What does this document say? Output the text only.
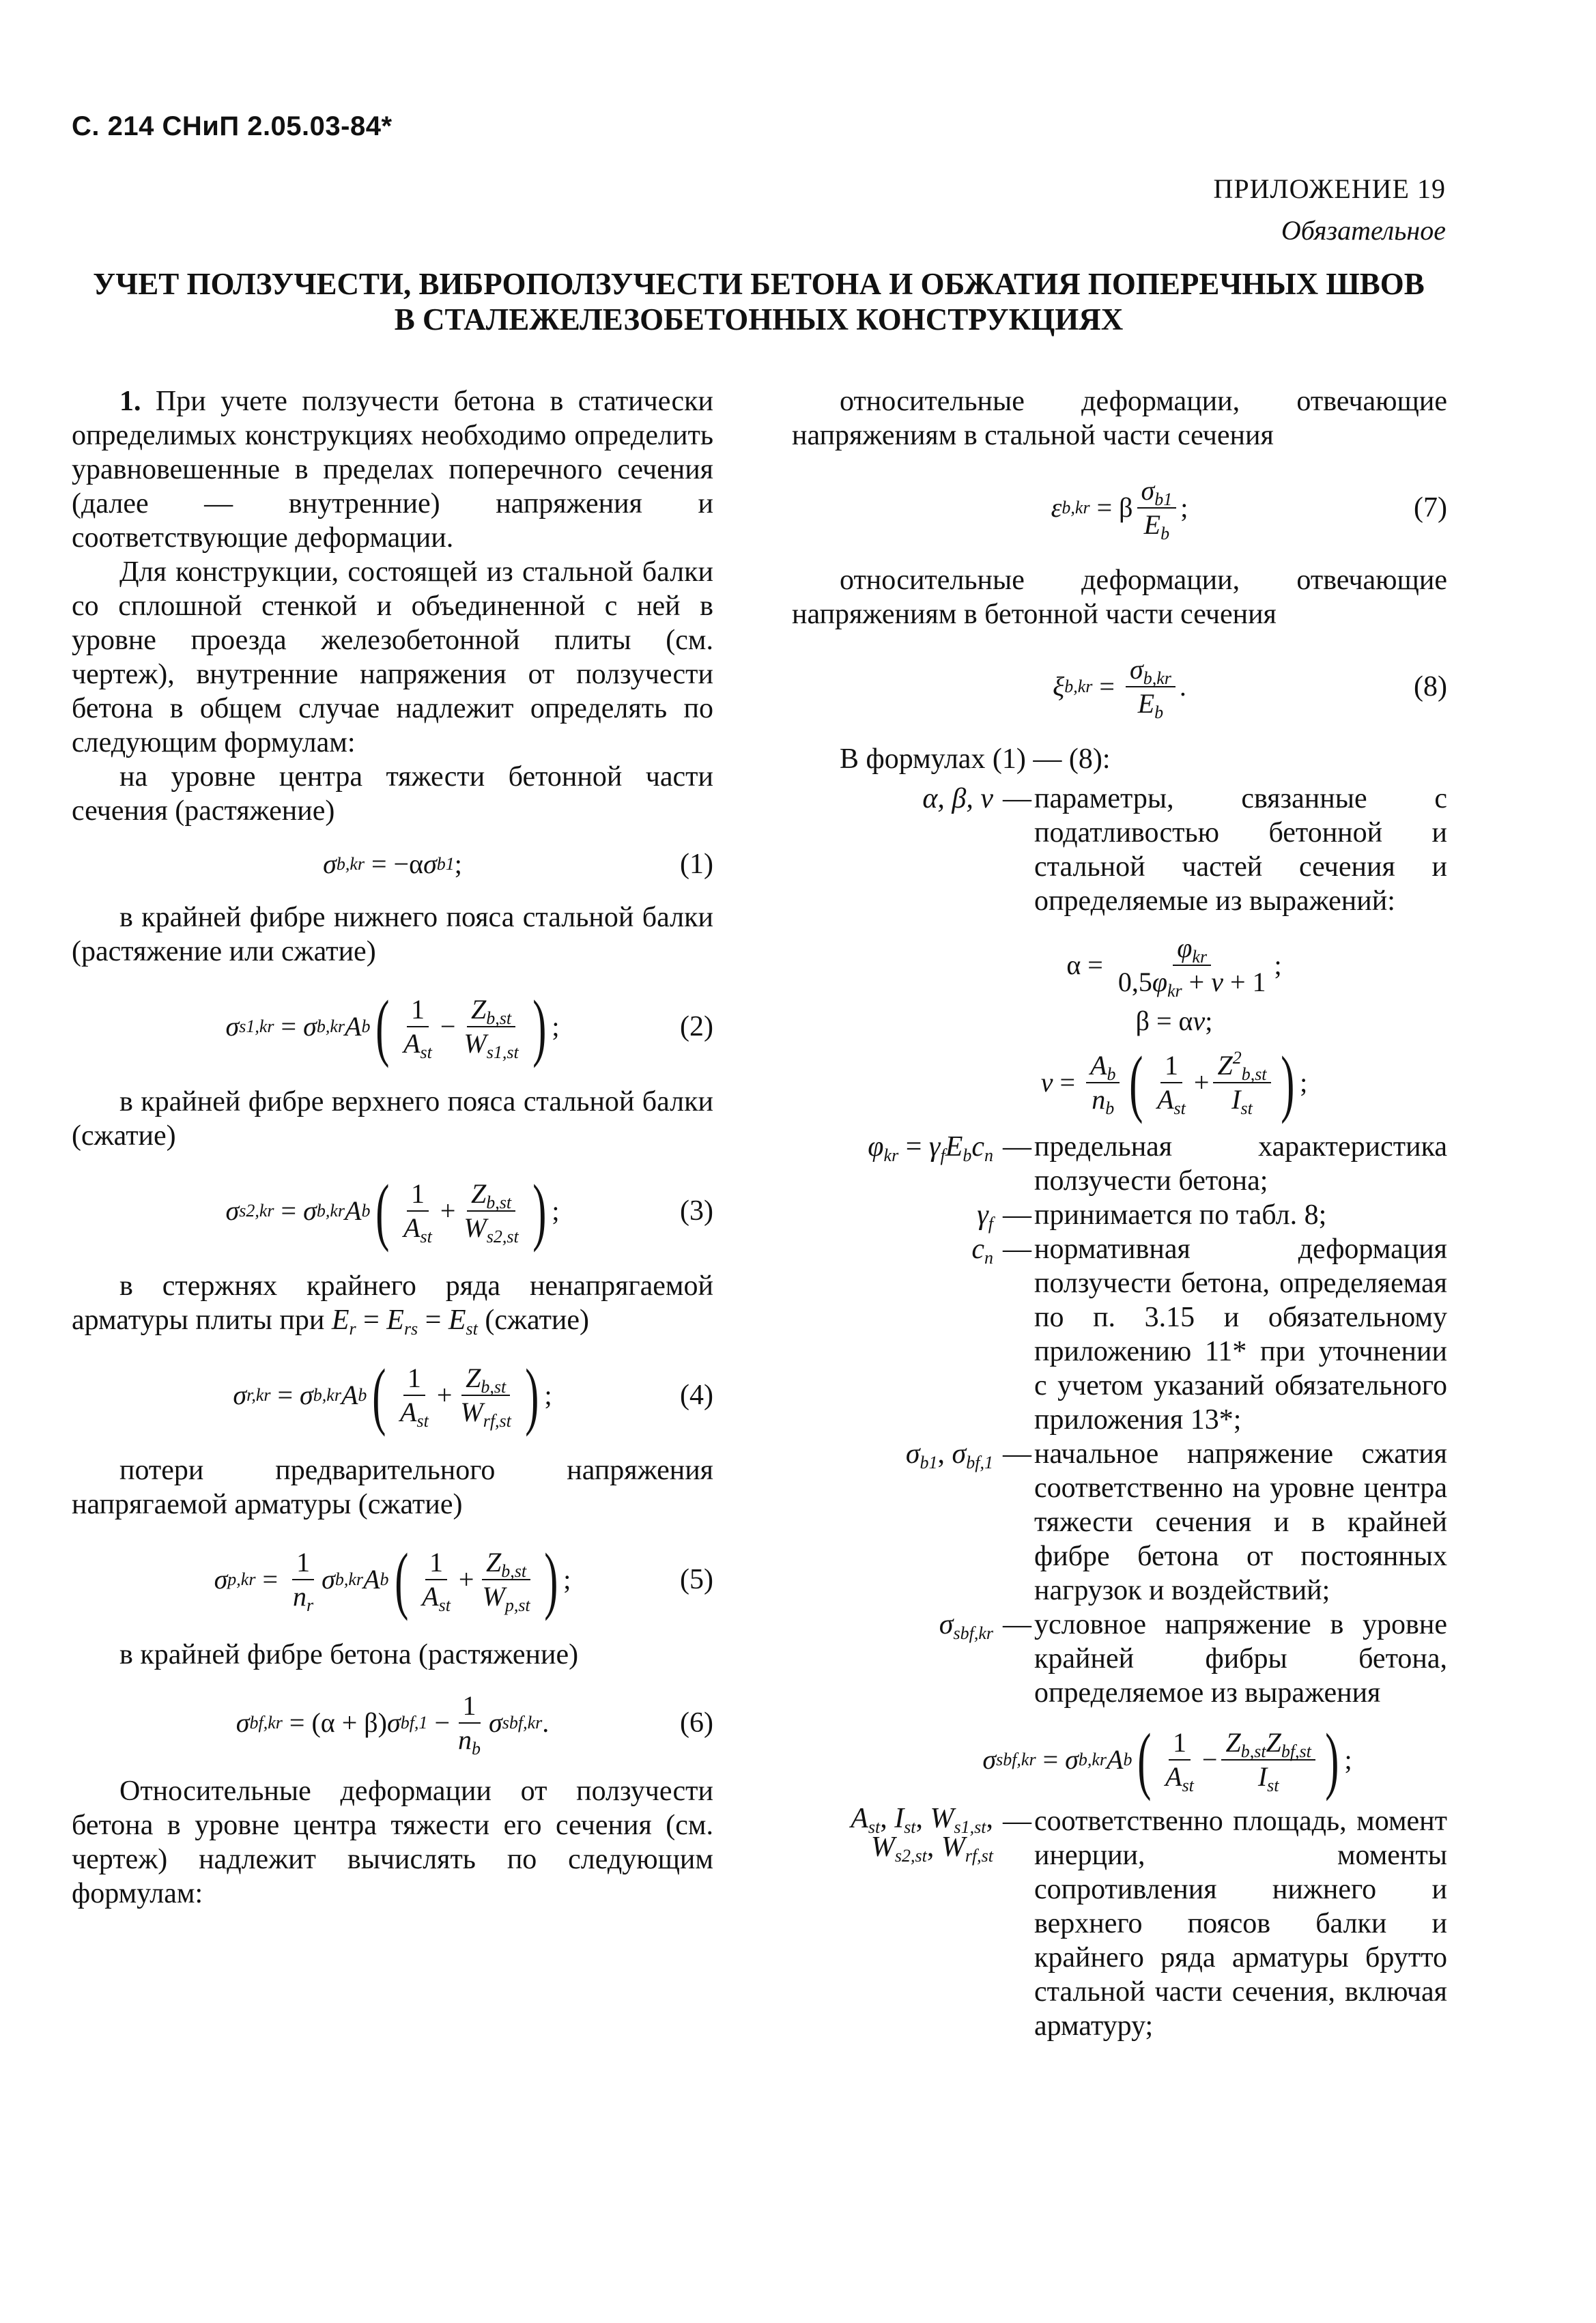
С. 214 СНиП 2.05.03-84*
ПРИЛОЖЕНИЕ 19
Обязательное
УЧЕТ ПОЛЗУЧЕСТИ, ВИБРОПОЛЗУЧЕСТИ БЕТОНА И ОБЖАТИЯ ПОПЕРЕЧНЫХ ШВОВ
В СТАЛЕЖЕЛЕЗОБЕТОННЫХ КОНСТРУКЦИЯХ

1. При учете ползучести бетона в статически определимых конструкциях необходимо определить уравновешенные в пределах поперечного сечения (далее — внутренние) напряжения и соответствующие деформации.

Для конструкции, состоящей из стальной балки со сплошной стенкой и объединенной с ней в уровне проезда железобетонной плиты (см. чертеж), внутренние напряжения от ползучести бетона в общем случае надлежит определять по следующим формулам:

на уровне центра тяжести бетонной части сечения (растяжение)

σ b,kr
=
−α σ b1 ;	(1)

в крайней фибре нижнего пояса стальной балки (растяжение или сжатие)

σ s1,kr
= σ b,kr A b ( $\frac{1}{A_{st}} - \frac{Z_{b,st}}{W_{s1,st}}$ ) ;	(2)

в крайней фибре верхнего пояса стальной балки (сжатие)

σ s2,kr
= σ b,kr A b ( $\frac{1}{A_{st}} + \frac{Z_{b,st}}{W_{s2,st}}$ ) ;	(3)

в стержнях крайнего ряда ненапрягаемой арматуры плиты при $E_r = E_{rs} = E_{st}$ (сжатие)

σ r,kr
= σ b,kr A b ( $\frac{1}{A_{st}} + \frac{Z_{b,st}}{W_{rf,st}}$ ) ;	(4)

потери предварительного напряжения напрягаемой арматуры (сжатие)

σ p,kr
=
$\frac{1}{n_r}$ σ b,kr A b ( $\frac{1}{A_{st}} + \frac{Z_{b,st}}{W_{p,st}}$ ) ;	(5)

в крайней фибре бетона (растяжение)

σ bf,kr
= (α + β) σ bf,1
− $\frac{1}{n_b}$ σ sbf,kr .	(6)

Относительные деформации от ползучести бетона в уровне центра тяжести его сечения (см. чертеж) надлежит вычислять по следующим формулам:

относительные деформации, отвечающие напряжениям в стальной части сечения

ε b,kr
= β $\frac{\sigma_{b1}}{E_b}$ ;	(7)

относительные деформации, отвечающие напряжениям в бетонной части сечения

ξ b,kr
=
$\frac{\sigma_{b,kr}}{E_b}$ .	(8)

В формулах (1) — (8):

α, β, ν — параметры, связанные с податливостью бетонной и стальной частей сечения и определяемые из выражений:
α =
$\frac{\varphi_{kr}}{0,5\varphi_{kr} + \nu + 1}$ ;
β =
α ν ;
ν =
$\frac{A_b}{n_b}$ ( $\frac{1}{A_{st}} + \frac{Z^2_{b,st}}{I_{st}}$ ) ;
$\varphi_{kr} = \gamma_fE_bc_n$ — предельная характеристика ползучести бетона;
$\gamma_f$ — принимается по табл. 8;
$c_n$ — нормативная деформация ползучести бетона, определяемая по п. 3.15 и обязательному приложению 11* при уточнении с учетом указаний обязательного приложения 13*;
$\sigma_{b1}$, $\sigma_{bf,1}$ — начальное напряжение сжатия соответственно на уровне центра тяжести сечения и в крайней фибре бетона от постоянных нагрузок и воздействий;
$\sigma_{sbf,kr}$ — условное напряжение в уровне крайней фибры бетона, определяемое из выражения
σ sbf,kr
= σ b,kr A b ( $\frac{1}{A_{st}} - \frac{Z_{b,st}Z_{bf,st}}{I_{st}}$ ) ;
$A_{st}$, $I_{st}$, $W_{s1,st}$,
$W_{s2,st}$, $W_{rf,st}$
— соответственно площадь, момент инерции, моменты сопротивления нижнего и верхнего поясов балки и крайнего ряда арматуры брутто стальной части сечения, включая арматуру;
